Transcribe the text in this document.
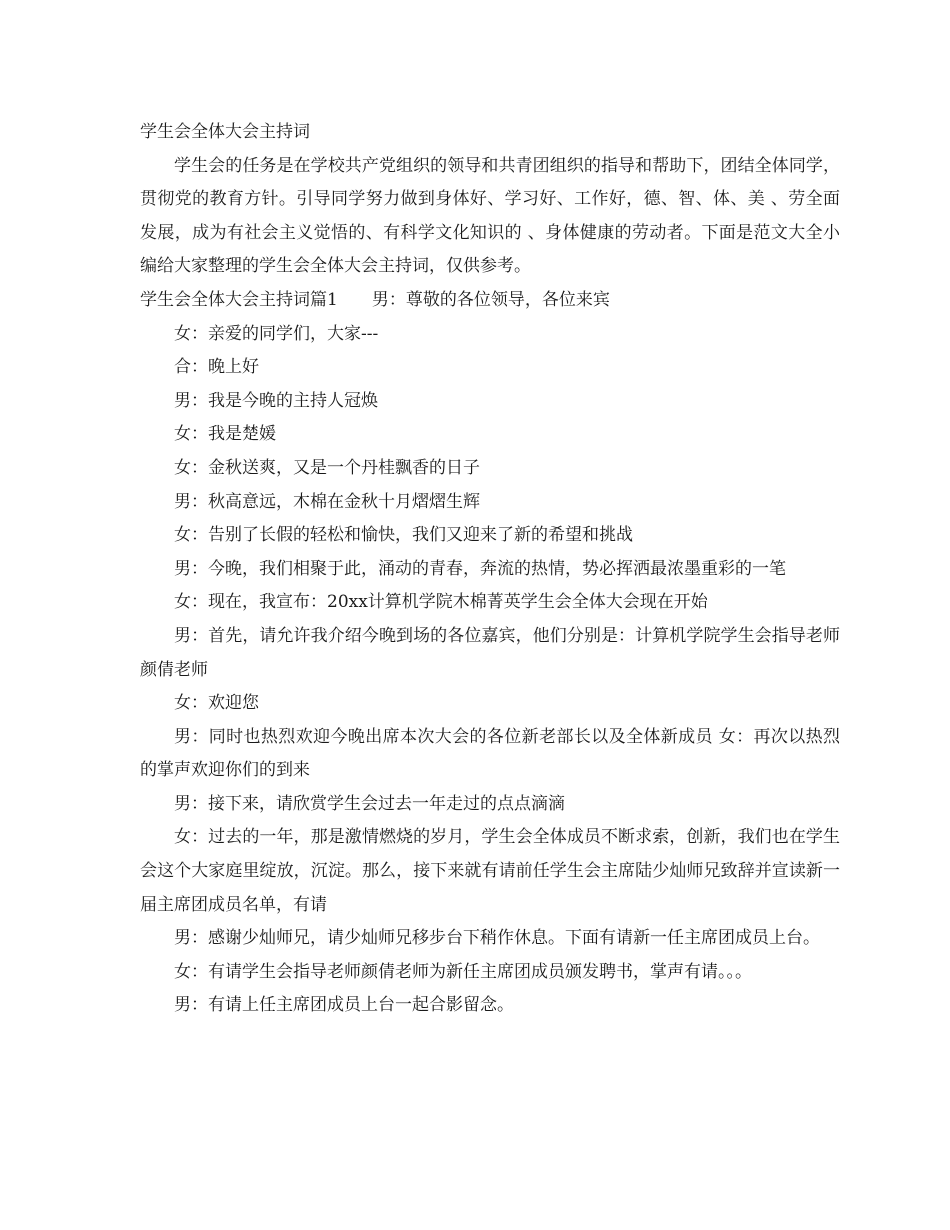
学生会全体大会主持词

学生会的任务是在学校共产党组织的领导和共青团组织的指导和帮助下，团结全体同学，贯彻党的教育方针。引导同学努力做到身体好、学习好、工作好，德、智、体、美 、劳全面发展，成为有社会主义觉悟的、有科学文化知识的 、身体健康的劳动者。下面是范文大全小编给大家整理的学生会全体大会主持词，仅供参考。

学生会全体大会主持词篇1　　男：尊敬的各位领导，各位来宾

女：亲爱的同学们，大家---

合：晚上好

男：我是今晚的主持人冠焕

女：我是楚媛

女：金秋送爽，又是一个丹桂飘香的日子

男：秋高意远，木棉在金秋十月熠熠生辉

女：告别了长假的轻松和愉快，我们又迎来了新的希望和挑战

男：今晚，我们相聚于此，涌动的青春，奔流的热情，势必挥洒最浓墨重彩的一笔

女：现在，我宣布：20xx计算机学院木棉菁英学生会全体大会现在开始

男：首先，请允许我介绍今晚到场的各位嘉宾，他们分别是：计算机学院学生会指导老师颜倩老师

女：欢迎您

男：同时也热烈欢迎今晚出席本次大会的各位新老部长以及全体新成员 女：再次以热烈的掌声欢迎你们的到来

男：接下来，请欣赏学生会过去一年走过的点点滴滴

女：过去的一年，那是激情燃烧的岁月，学生会全体成员不断求索，创新，我们也在学生会这个大家庭里绽放，沉淀。那么，接下来就有请前任学生会主席陆少灿师兄致辞并宣读新一届主席团成员名单，有请

男：感谢少灿师兄，请少灿师兄移步台下稍作休息。下面有请新一任主席团成员上台。

女：有请学生会指导老师颜倩老师为新任主席团成员颁发聘书，掌声有请。。。

男：有请上任主席团成员上台一起合影留念。
